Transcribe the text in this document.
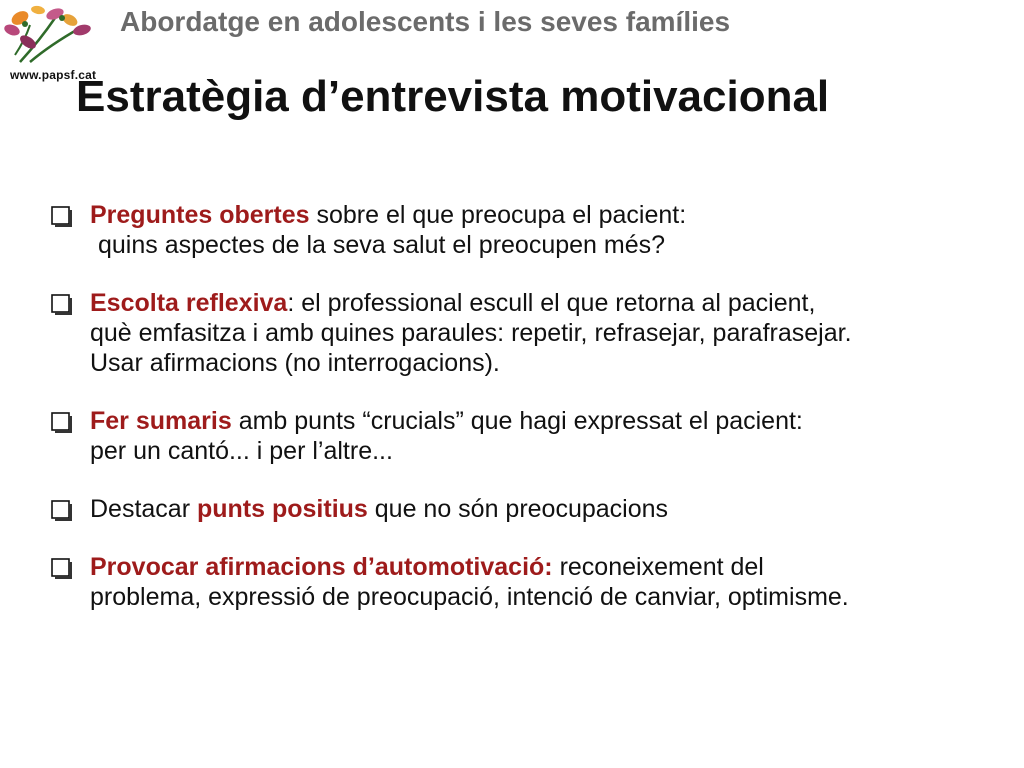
www.papsf.cat
Abordatge en adolescents i les seves famílies
Estratègia d’entrevista motivacional
Preguntes obertes sobre el que preocupa el pacient:
quins aspectes de la seva salut el preocupen més?
Escolta reflexiva: el professional escull el que retorna al pacient,
què emfasitza i amb quines paraules: repetir, refrasejar, parafrasejar.
Usar afirmacions (no interrogacions).
Fer sumaris amb punts “crucials” que hagi expressat el pacient:
per un cantó... i per l’altre...
Destacar punts positius que no són preocupacions
Provocar afirmacions d’automotivació: reconeixement del
problema, expressió de preocupació, intenció de canviar, optimisme.
